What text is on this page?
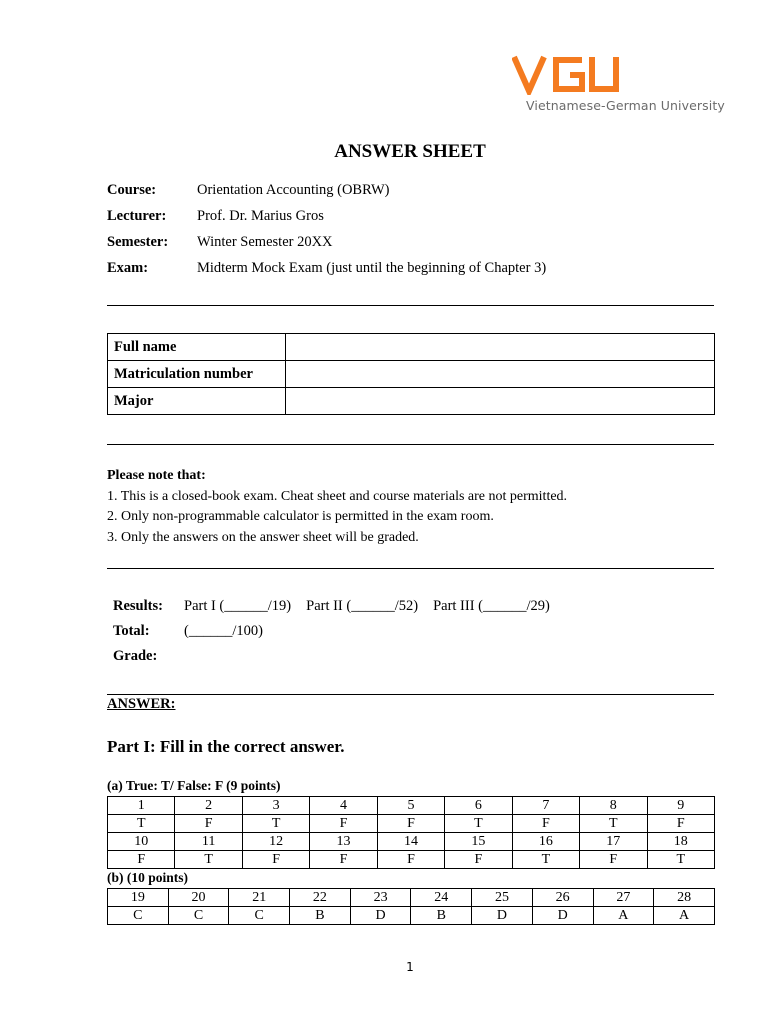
Vietnamese-German University
ANSWER SHEET
Course:	Orientation Accounting (OBRW)
Lecturer: Prof. Dr. Marius Gros
Semester: Winter Semester 20XX
Exam:	Midterm Mock Exam (just until the beginning of Chapter 3)
Full name	
Matriculation number	
Major	
Please note that:
1. This is a closed-book exam. Cheat sheet and course materials are not permitted.
2. Only non-programmable calculator is permitted in the exam room.
3. Only the answers on the answer sheet will be graded.
Results: Part I (______/19) Part II (______/52) Part III (______/29)
Total: (______/100)
Grade:
ANSWER:
Part I: Fill in the correct answer.
(a) True: T/ False: F (9 points)
1	2	3	4	5	6	7	8	9
T	F	T	F	F	T	F	T	F
10	11	12	13	14	15	16	17	18
F	T	F	F	F	F	T	F	T
(b) (10 points)
19	20	21	22	23	24	25	26	27	28
C	C	C	B	D	B	D	D	A	A
1
